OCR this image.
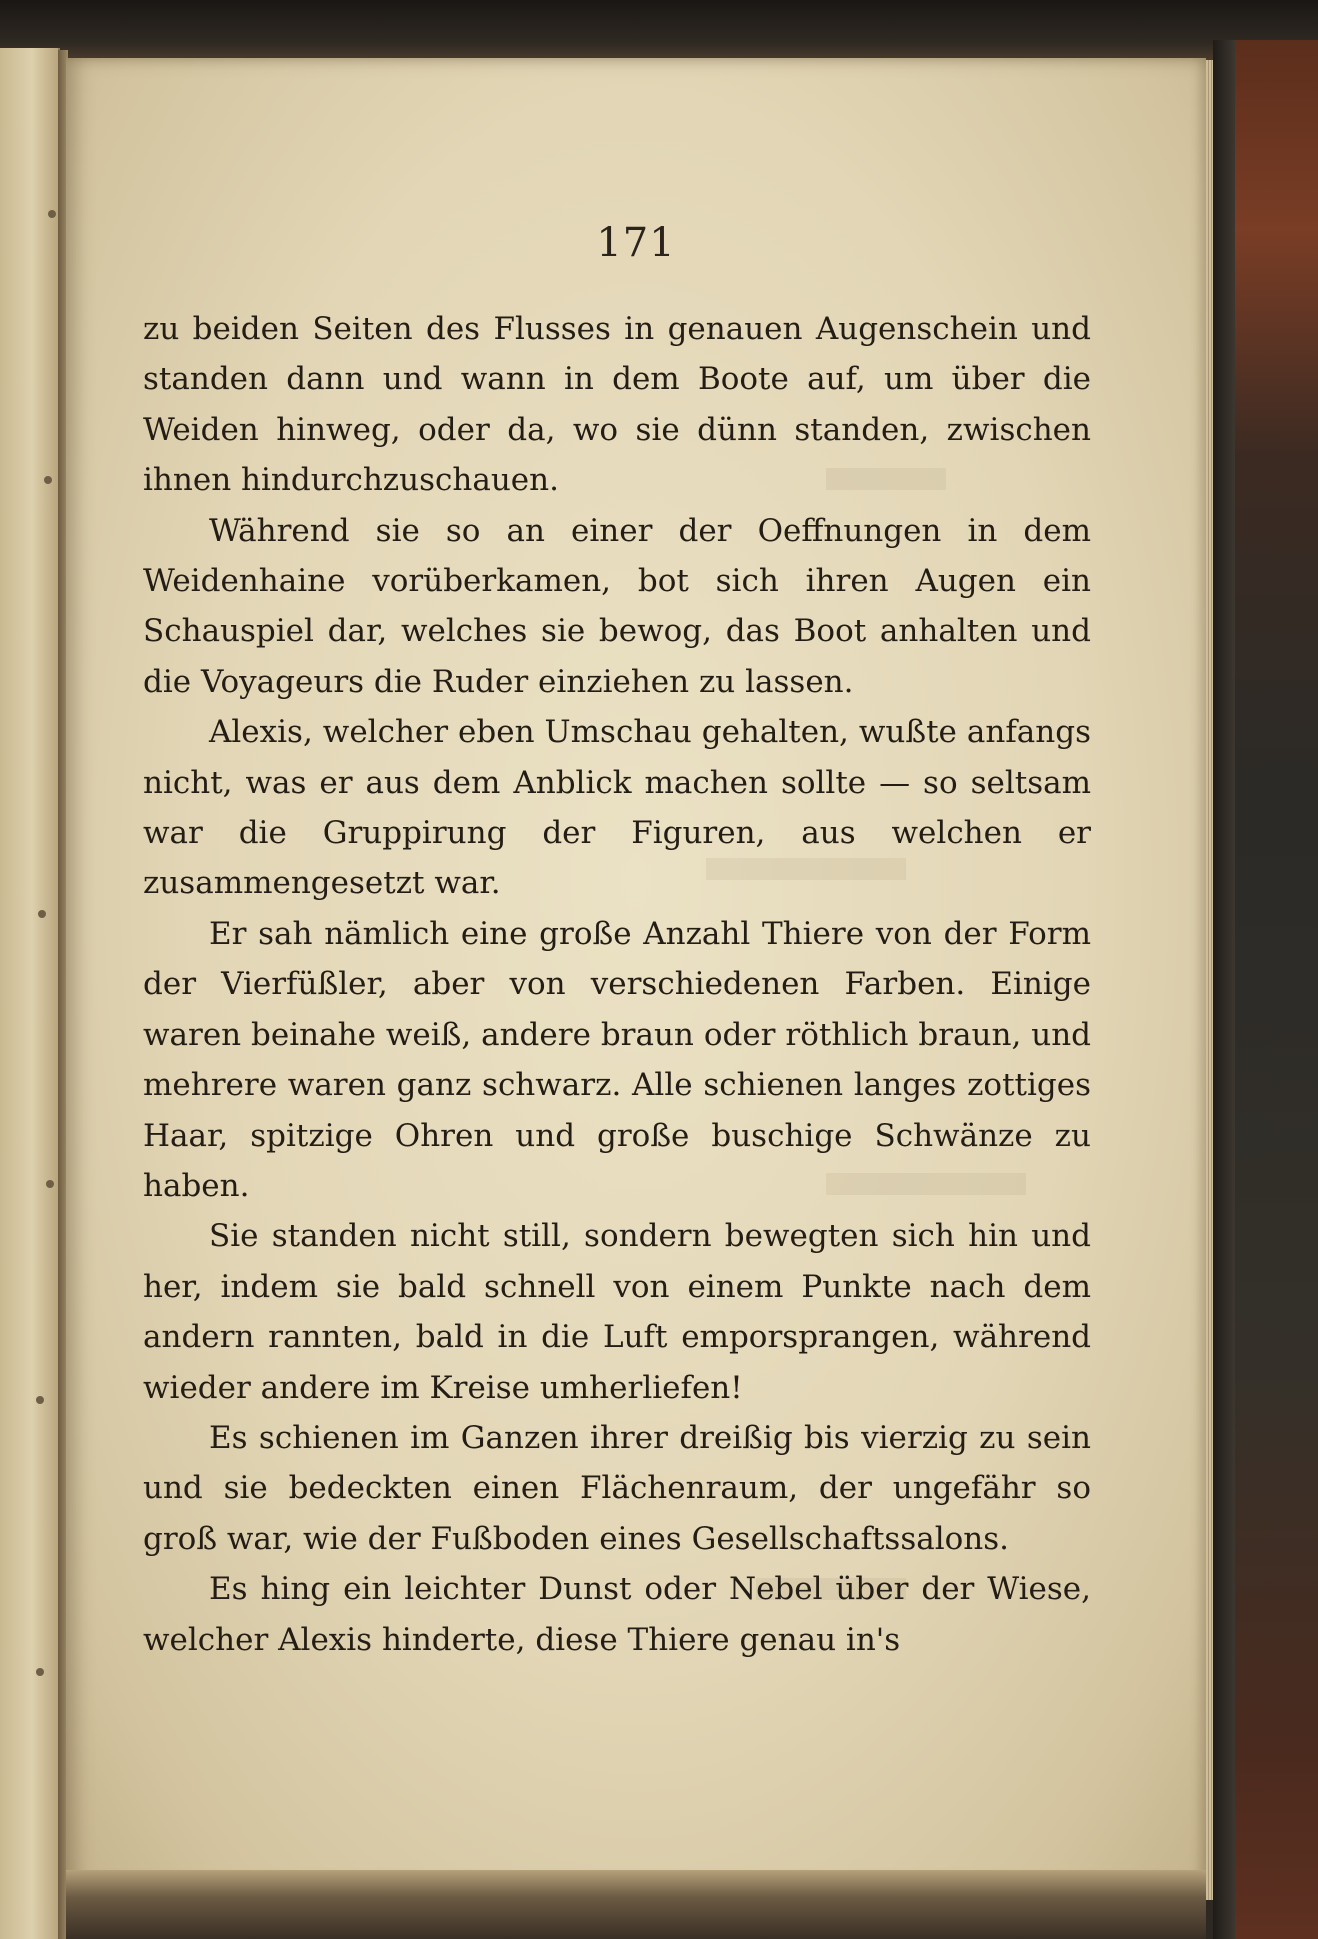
171

zu beiden Seiten des Flusses in genauen Augenschein und standen dann und wann in dem Boote auf, um über die Weiden hinweg, oder da, wo sie dünn standen, zwischen ihnen hindurchzuschauen.

Während sie so an einer der Oeffnungen in dem Weidenhaine vorüberkamen, bot sich ihren Augen ein Schauspiel dar, welches sie bewog, das Boot anhalten und die Voyageurs die Ruder einziehen zu lassen.

Alexis, welcher eben Umschau gehalten, wußte anfangs nicht, was er aus dem Anblick machen sollte — so seltsam war die Gruppirung der Figuren, aus welchen er zusammengesetzt war.

Er sah nämlich eine große Anzahl Thiere von der Form der Vierfüßler, aber von verschiedenen Farben. Einige waren beinahe weiß, andere braun oder röthlich braun, und mehrere waren ganz schwarz. Alle schienen langes zottiges Haar, spitzige Ohren und große buschige Schwänze zu haben.

Sie standen nicht still, sondern bewegten sich hin und her, indem sie bald schnell von einem Punkte nach dem andern rannten, bald in die Luft emporsprangen, während wieder andere im Kreise umherliefen!

Es schienen im Ganzen ihrer dreißig bis vierzig zu sein und sie bedeckten einen Flächenraum, der ungefähr so groß war, wie der Fußboden eines Gesellschaftssalons.

Es hing ein leichter Dunst oder Nebel über der Wiese, welcher Alexis hinderte, diese Thiere genau in's
